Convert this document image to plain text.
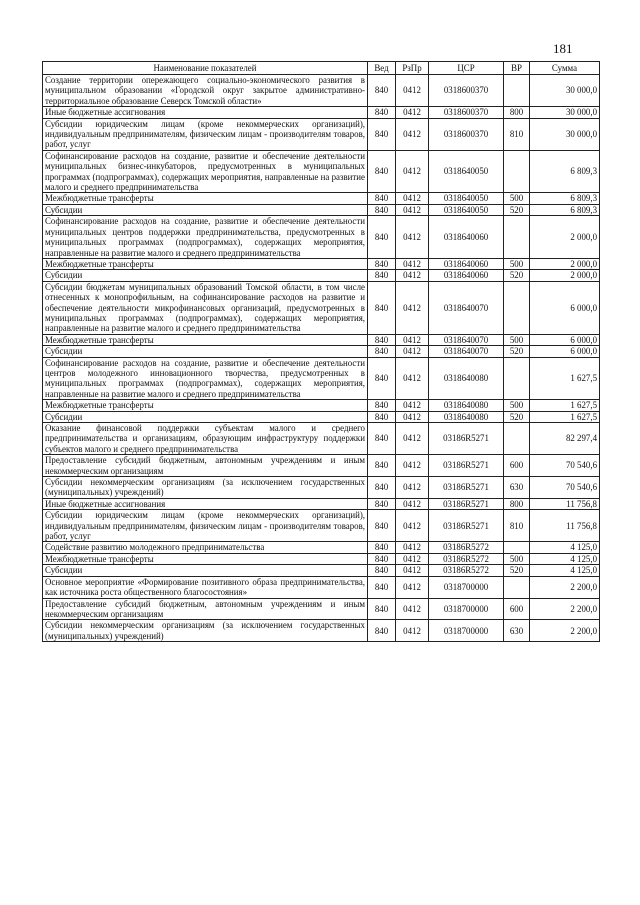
181
Наименование показателей	Вед	РзПр	ЦСР	ВР	Сумма
Создание территории опережающего социально-экономического развития в муниципальном образовании «Городской округ закрытое административно-территориальное образование Северск Томской области»	840	0412	0318600370		30 000,0
Иные бюджетные ассигнования	840	0412	0318600370	800	30 000,0
Субсидии юридическим лицам (кроме некоммерческих организаций), индивидуальным предпринимателям, физическим лицам - производителям товаров, работ, услуг	840	0412	0318600370	810	30 000,0
Софинансирование расходов на создание, развитие и обеспечение деятельности муниципальных бизнес-инкубаторов, предусмотренных в муниципальных программах (подпрограммах), содержащих мероприятия, направленные на развитие малого и среднего предпринимательства	840	0412	0318640050		6 809,3
Межбюджетные трансферты	840	0412	0318640050	500	6 809,3
Субсидии	840	0412	0318640050	520	6 809,3
Софинансирование расходов на создание, развитие и обеспечение деятельности муниципальных центров поддержки предпринимательства, предусмотренных в муниципальных программах (подпрограммах), содержащих мероприятия, направленные на развитие малого и среднего предпринимательства	840	0412	0318640060		2 000,0
Межбюджетные трансферты	840	0412	0318640060	500	2 000,0
Субсидии	840	0412	0318640060	520	2 000,0
Субсидии бюджетам муниципальных образований Томской области, в том числе отнесенных к монопрофильным, на софинансирование расходов на развитие и обеспечение деятельности микрофинансовых организаций, предусмотренных в муниципальных программах (подпрограммах), содержащих мероприятия, направленные на развитие малого и среднего предпринимательства	840	0412	0318640070		6 000,0
Межбюджетные трансферты	840	0412	0318640070	500	6 000,0
Субсидии	840	0412	0318640070	520	6 000,0
Софинансирование расходов на создание, развитие и обеспечение деятельности центров молодежного инновационного творчества, предусмотренных в муниципальных программах (подпрограммах), содержащих мероприятия, направленные на развитие малого и среднего предпринимательства	840	0412	0318640080		1 627,5
Межбюджетные трансферты	840	0412	0318640080	500	1 627,5
Субсидии	840	0412	0318640080	520	1 627,5
Оказание финансовой поддержки субъектам малого и среднего предпринимательства и организациям, образующим инфраструктуру поддержки субъектов малого и среднего предпринимательства	840	0412	03186R5271		82 297,4
Предоставление субсидий бюджетным, автономным учреждениям и иным некоммерческим организациям	840	0412	03186R5271	600	70 540,6
Субсидии некоммерческим организациям (за исключением государственных (муниципальных) учреждений)	840	0412	03186R5271	630	70 540,6
Иные бюджетные ассигнования	840	0412	03186R5271	800	11 756,8
Субсидии юридическим лицам (кроме некоммерческих организаций), индивидуальным предпринимателям, физическим лицам - производителям товаров, работ, услуг	840	0412	03186R5271	810	11 756,8
Содействие развитию молодежного предпринимательства	840	0412	03186R5272		4 125,0
Межбюджетные трансферты	840	0412	03186R5272	500	4 125,0
Субсидии	840	0412	03186R5272	520	4 125,0
Основное мероприятие «Формирование позитивного образа предпринимательства, как источника роста общественного благосостояния»	840	0412	0318700000		2 200,0
Предоставление субсидий бюджетным, автономным учреждениям и иным некоммерческим организациям	840	0412	0318700000	600	2 200,0
Субсидии некоммерческим организациям (за исключением государственных (муниципальных) учреждений)	840	0412	0318700000	630	2 200,0
